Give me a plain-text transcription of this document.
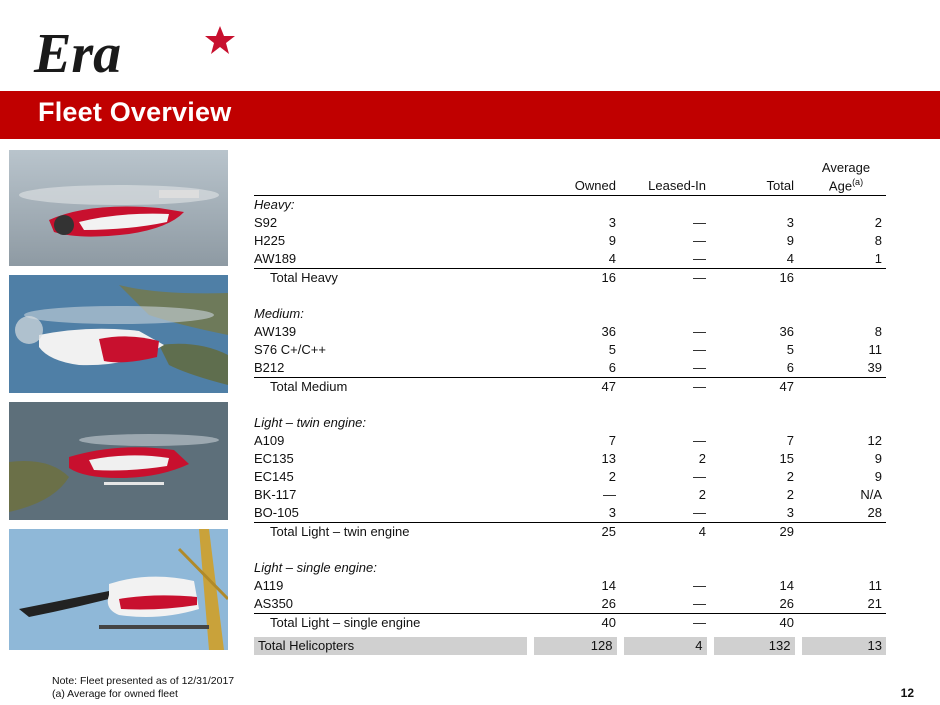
Era
Fleet Overview
	Owned	Leased-In	Total	Average
Age$^{(a)}$

Heavy:				
S92	3	—	3	2
H225	9	—	9	8
AW189	4	—	4	1
Total Heavy	16	—	16	

Medium:				
AW139	36	—	36	8
S76 C+/C++	5	—	5	11
B212	6	—	6	39
Total Medium	47	—	47	

Light – twin engine:				
A109	7	—	7	12
EC135	13	2	15	9
EC145	2	—	2	9
BK-117	—	2	2	N/A
BO-105	3	—	3	28
Total Light – twin engine	25	4	29	

Light – single engine:				
A119	14	—	14	11
AS350	26	—	26	21
Total Light – single engine	40	—	40	

Total Helicopters	128	4	132	13
Note: Fleet presented as of 12/31/2017
(a) Average for owned fleet	12
